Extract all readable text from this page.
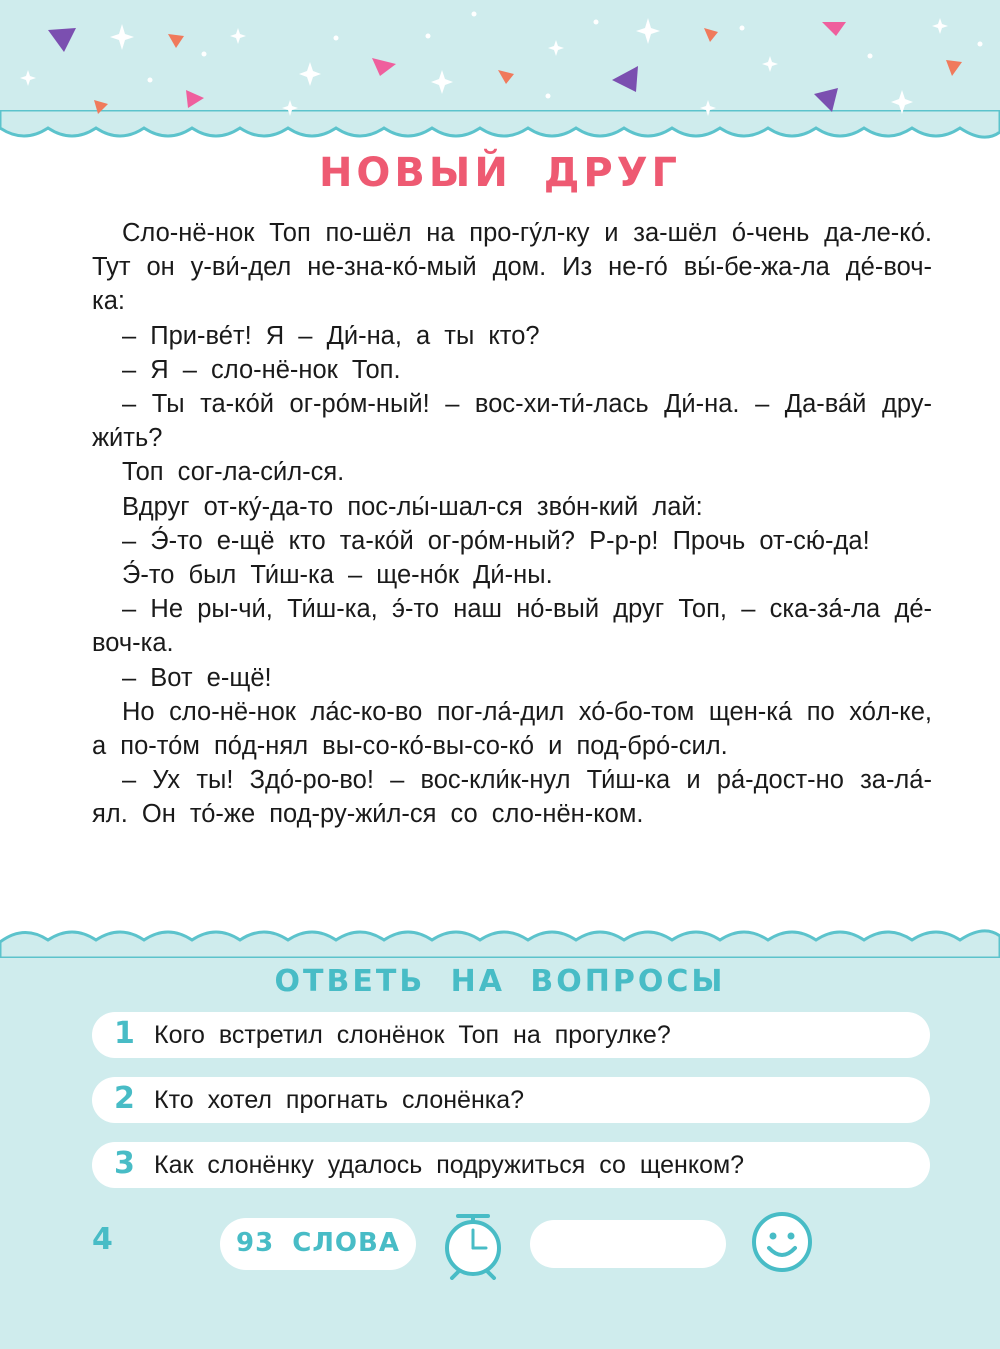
НОВЫЙ ДРУГ

Сло-нё-нок Топ по-шёл на про-гу́л-ку и за-шёл о́-чень да-ле-ко́. Тут он у-ви́-дел не-зна-ко́-мый дом. Из не-го́ вы́-бе-жа-ла де́-воч-ка:

– При-ве́т! Я – Ди́-на, а ты кто?

– Я – сло-нё-нок Топ.

– Ты та-ко́й ог-ро́м-ный! – вос-хи-ти́-лась Ди́-на. – Да-ва́й дру-жи́ть?

Топ сог-ла-си́л-ся.

Вдруг от-ку́-да-то пос-лы́-шал-ся зво́н-кий лай:

– Э́-то е-щё кто та-ко́й ог-ро́м-ный? Р-р-р! Прочь от-сю́-да!

Э́-то был Ти́ш-ка – ще-но́к Ди́-ны.

– Не ры-чи́, Ти́ш-ка, э́-то наш но́-вый друг Топ, – ска-за́-ла де́-воч-ка.

– Вот е-щё!

Но сло-нё-нок ла́с-ко-во пог-ла́-дил хо́-бо-том щен-ка́ по хо́л-ке, а по-то́м по́д-нял вы-со-ко́-вы-со-ко́ и под-бро́-сил.

– Ух ты! Здо́-ро-во! – вос-кли́к-нул Ти́ш-ка и ра́-дост-но за-ла́-ял. Он то́-же под-ру-жи́л-ся со сло-нён-ком.

ОТВЕТЬ НА ВОПРОСЫ
1 Кого встретил слонёнок Топ на прогулке?
2 Кто хотел прогнать слонёнка?
3 Как слонёнку удалось подружиться со щенком?
4	93 СЛОВА
